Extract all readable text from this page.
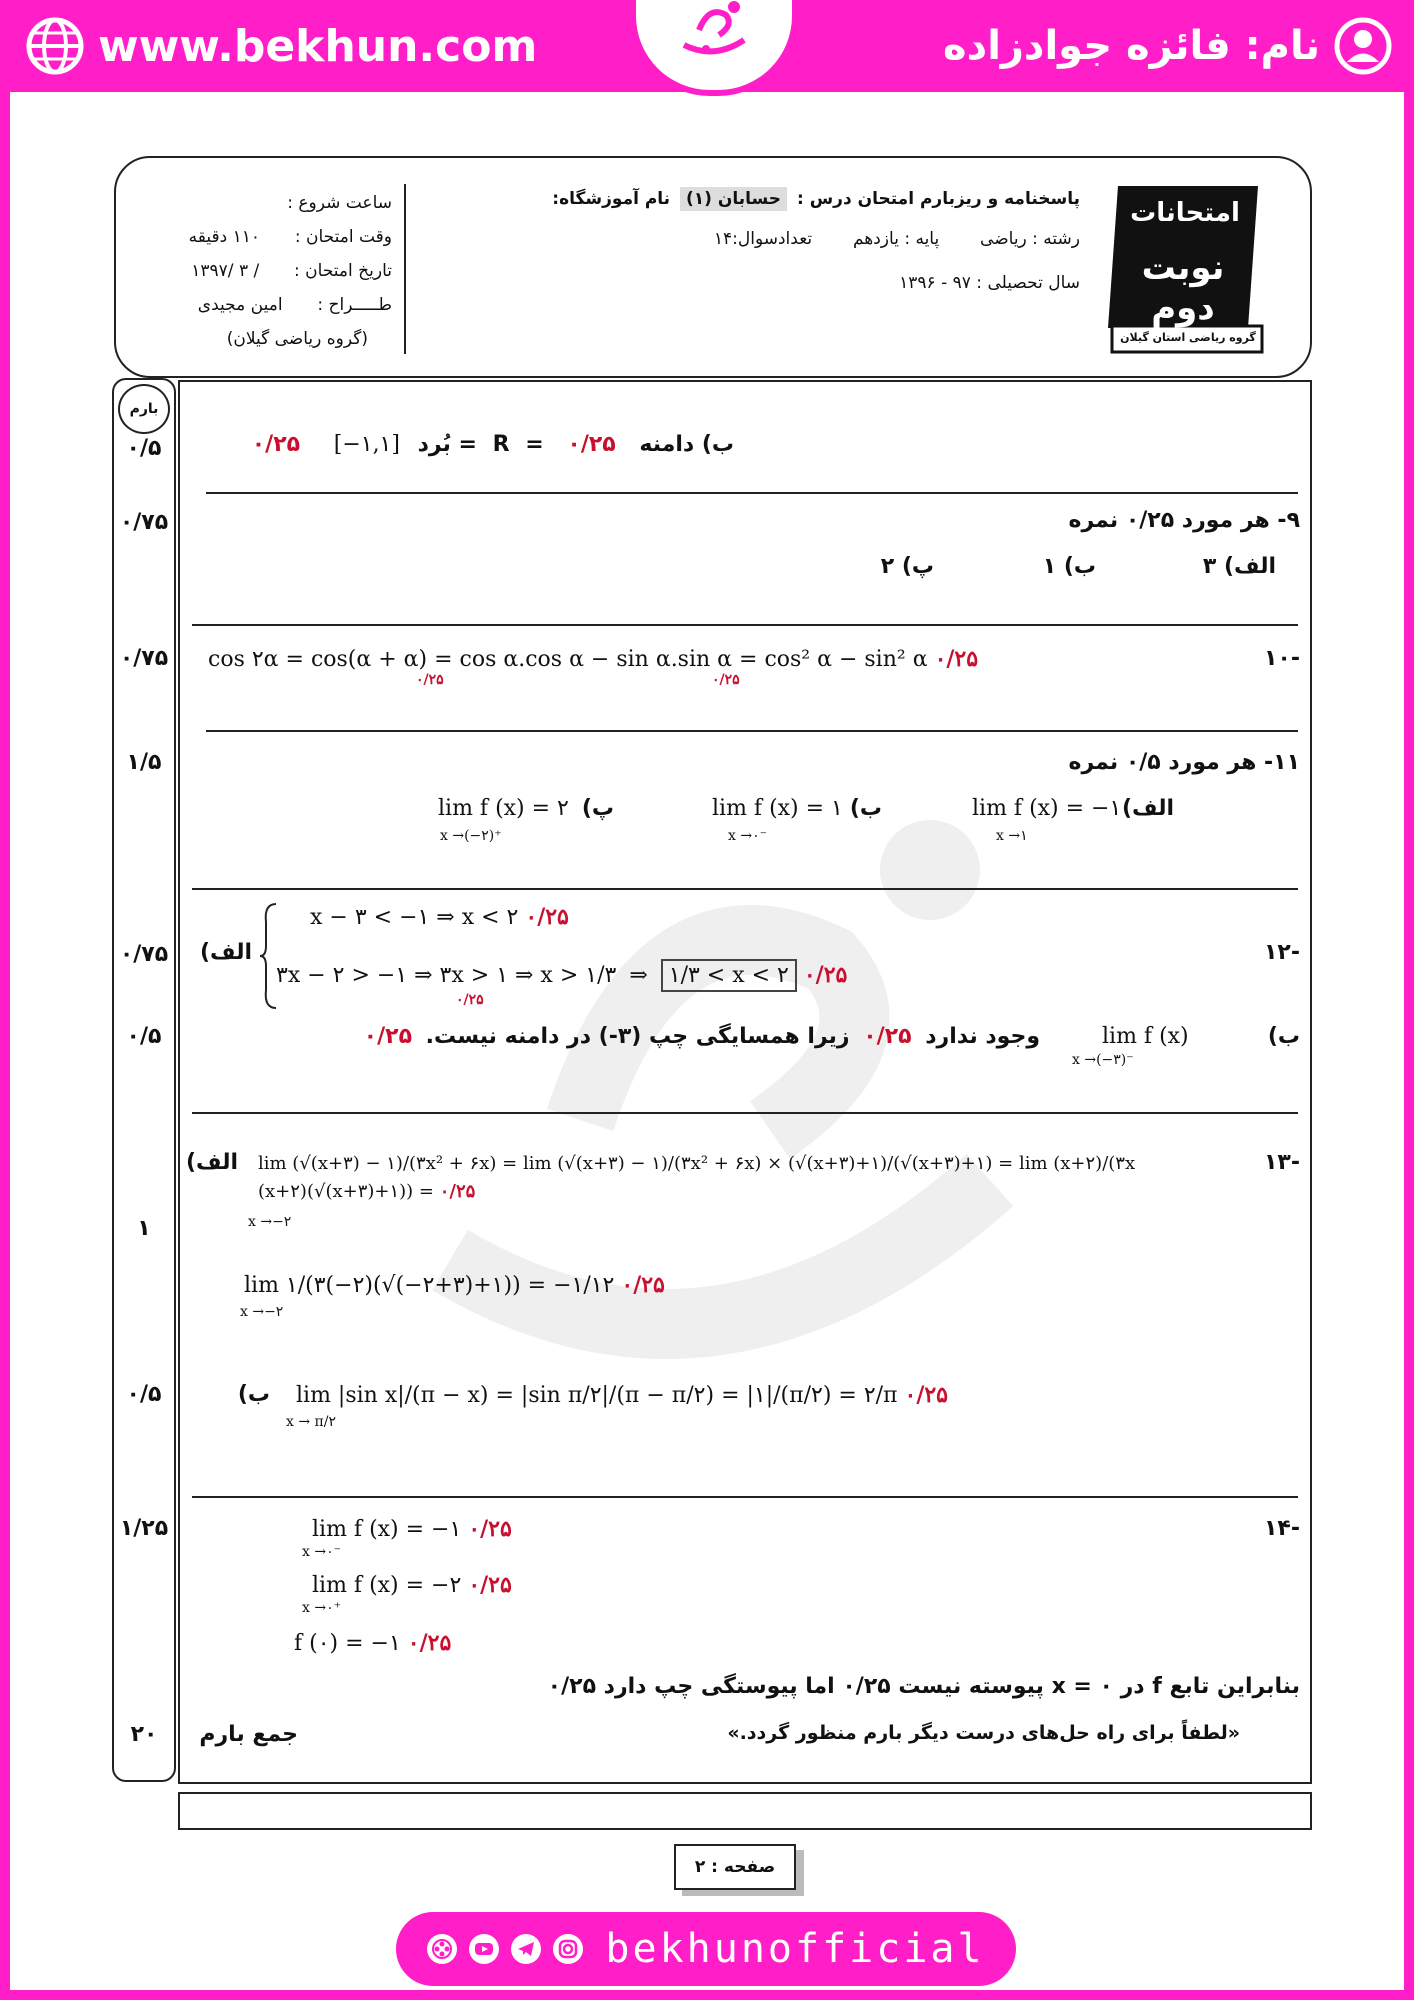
www.bekhun.com	نام: فائزه جوادزاده
امتحانات
نوبت دوم
گروه ریاضی استان گیلان
پاسخنامه و ریزبارم امتحان درس : حسابان (۱) نام آموزشگاه:
رشته : ریاضی  پایه : یازدهم  تعدادسوال:۱۴
سال تحصیلی : ۹۷ - ۱۳۹۶
ساعت شروع :
وقت امتحان :  ۱۱۰ دقیقه
تاریخ امتحان :  / ۳ /۱۳۹۷
طـــــراح :  امین مجیدی
(گروه ریاضی گیلان)
بارم
۰/۵
۰/۷۵
۰/۷۵
۱/۵
۰/۷۵
۰/۵
۱
۰/۵
۱/۲۵
۲۰
ب) دامنه R = ۰/۲۵ = بُرد [−۱,۱] ۰/۲۵
۹- هر مورد ۰/۲۵ نمره
الف) ۳
ب) ۱
پ) ۲
-۱۰
cos ۲α = cos(α + α) = cos α.cos α − sin α.sin α = cos² α − sin² α ۰/۲۵
۰/۲۵	۰/۲۵
۱۱- هر مورد ۰/۵ نمره
الف)
lim f (x) = −۱
x →۱
ب)
lim f (x) = ۱
x →۰⁻
پ)
lim f (x) = ۲
x →(−۲)⁺
-۱۲
الف)
x − ۳ < −۱ ⇒ x < ۲ ۰/۲۵
۳x − ۲ > −۱ ⇒ ۳x > ۱ ⇒ x > ۱/۳ ⇒ ۱/۳ < x < ۲ ۰/۲۵
۰/۲۵
ب)
lim f (x)
x →(−۳)⁻
وجود ندارد ۰/۲۵ زیرا همسایگی چپ (۳-) در دامنه نیست. ۰/۲۵
-۱۳
الف) lim (√(x+۳) − ۱)/(۳x² + ۶x) = lim (√(x+۳) − ۱)/(۳x² + ۶x) × (√(x+۳)+۱)/(√(x+۳)+۱) = lim (x+۲)/(۳x (x+۲)(√(x+۳)+۱)) = ۰/۲۵
x →−۲
lim ۱/(۳(−۲)(√(−۲+۳)+۱)) = −۱/۱۲ ۰/۲۵
x →−۲
ب) lim |sin x|/(π − x) = |sin π/۲|/(π − π/۲) = |۱|/(π/۲) = ۲/π ۰/۲۵
x → π/۲
-۱۴
lim f (x) = −۱ ۰/۲۵
x →۰⁻
lim f (x) = −۲ ۰/۲۵
x →۰⁺
f (۰) = −۱ ۰/۲۵
بنابراین تابع f در x = ۰ پیوسته نیست ۰/۲۵ اما پیوستگی چپ دارد ۰/۲۵
«لطفاً برای راه حل‌های درست دیگر بارم منظور گردد.»
جمع بارم
صفحه : ۲
bekhunofficial
